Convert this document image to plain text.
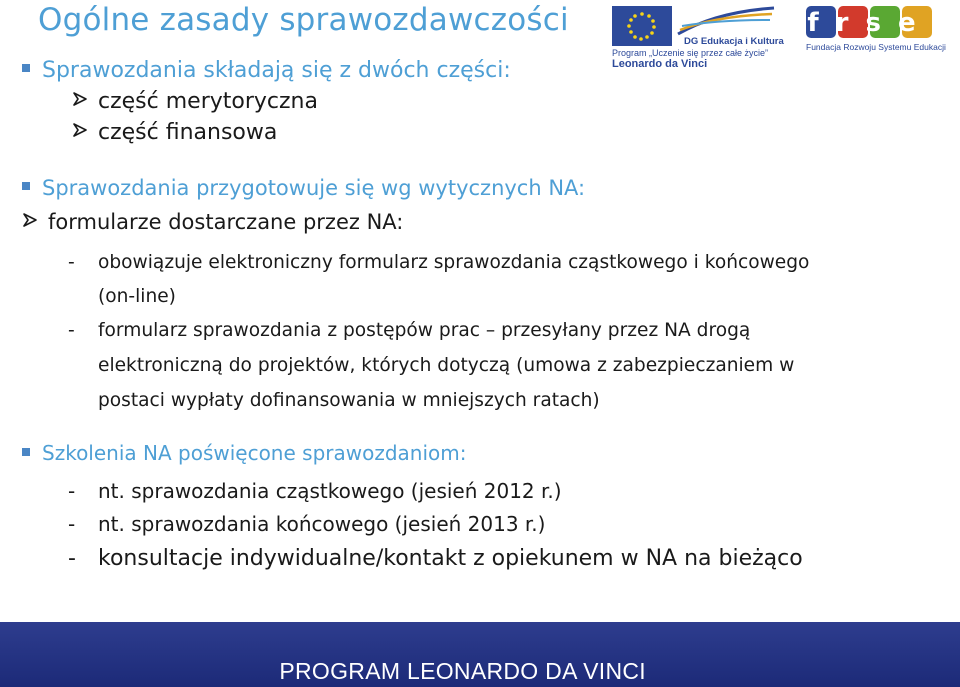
Ogólne zasady sprawozdawczości
DG Edukacja i Kultura
Program „Uczenie się przez całe życie”
Leonardo da Vinci
frse
Fundacja Rozwoju Systemu Edukacji
Sprawozdania składają się z dwóch części:
część merytoryczna
część finansowa
Sprawozdania przygotowuje się wg wytycznych NA:
formularze dostarczane przez NA:
- obowiązuje elektroniczny formularz sprawozdania cząstkowego i końcowego
(on-line)
- formularz sprawozdania z postępów prac – przesyłany przez NA drogą
elektroniczną do projektów, których dotyczą (umowa z zabezpieczaniem w
postaci wypłaty dofinansowania w mniejszych ratach)
Szkolenia NA poświęcone sprawozdaniom:
- nt. sprawozdania cząstkowego (jesień 2012 r.)
- nt. sprawozdania końcowego (jesień 2013 r.)
- konsultacje indywidualne/kontakt z opiekunem w NA na bieżąco
PROGRAM LEONARDO DA VINCI
